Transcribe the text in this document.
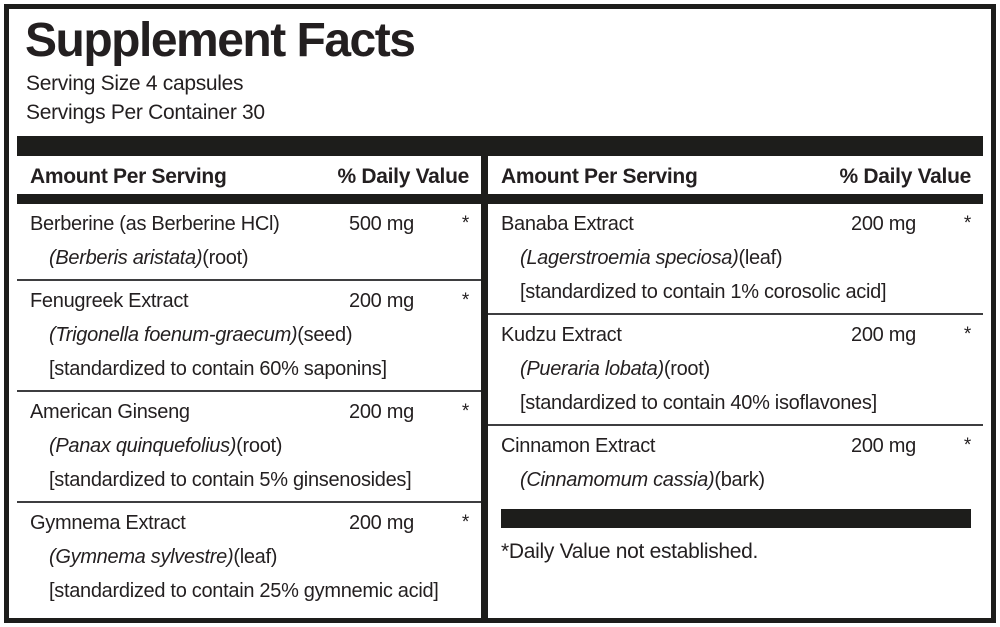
Supplement Facts
Serving Size 4 capsules
Servings Per Container 30
Amount Per Serving	% Daily Value
Berberine (as Berberine HCl)	500 mg	*
(Berberis aristata)(root)
Fenugreek Extract	200 mg	*
(Trigonella foenum-graecum)(seed)
[standardized to contain 60% saponins]
American Ginseng	200 mg	*
(Panax quinquefolius)(root)
[standardized to contain 5% ginsenosides]
Gymnema Extract	200 mg	*
(Gymnema sylvestre)(leaf)
[standardized to contain 25% gymnemic acid]
Amount Per Serving	% Daily Value
Banaba Extract	200 mg	*
(Lagerstroemia speciosa)(leaf)
[standardized to contain 1% corosolic acid]
Kudzu Extract	200 mg	*
(Pueraria lobata)(root)
[standardized to contain 40% isoflavones]
Cinnamon Extract	200 mg	*
(Cinnamomum cassia)(bark)
*Daily Value not established.
